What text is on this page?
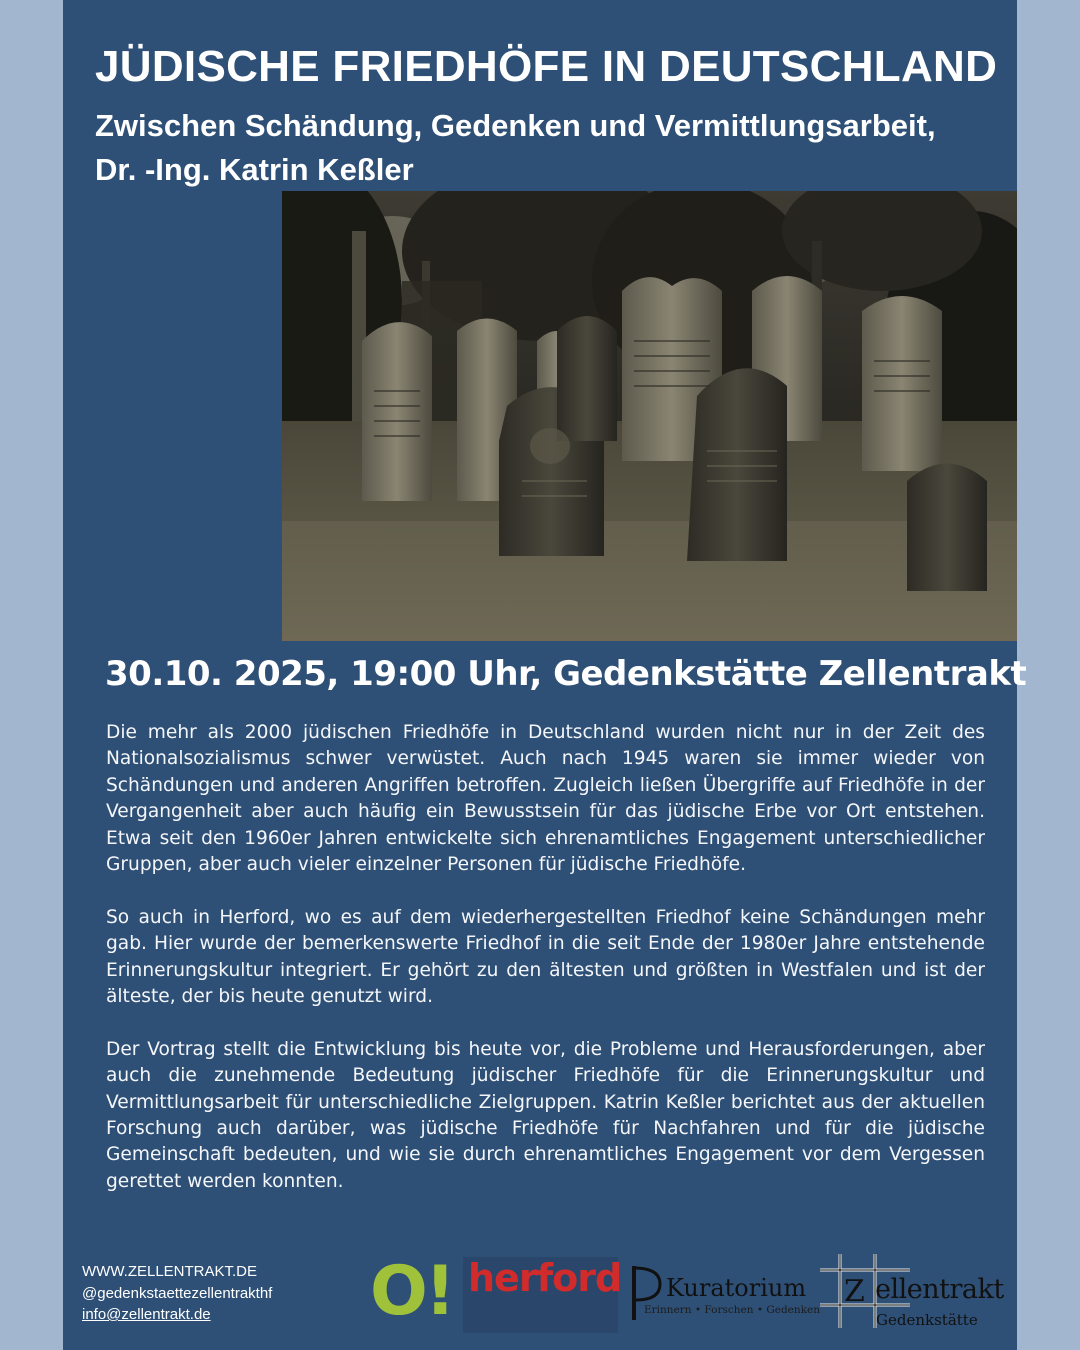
JÜDISCHE FRIEDHÖFE IN DEUTSCHLAND
Zwischen Schändung, Gedenken und Vermittlungsarbeit,
Dr. -Ing. Katrin Keßler
30.10. 2025, 19:00 Uhr, Gedenkstätte Zellentrakt

Die mehr als 2000 jüdischen Friedhöfe in Deutschland wurden nicht nur in der Zeit des Nationalsozialismus schwer verwüstet. Auch nach 1945 waren sie immer wieder von Schändungen und anderen Angriffen betroffen. Zugleich ließen Übergriffe auf Friedhöfe in der Vergangenheit aber auch häufig ein Bewusstsein für das jüdische Erbe vor Ort entstehen. Etwa seit den 1960er Jahren entwickelte sich ehrenamtliches Engagement unterschiedlicher Gruppen, aber auch vieler einzelner Personen für jüdische Friedhöfe.

So auch in Herford, wo es auf dem wiederhergestellten Friedhof keine Schändungen mehr gab. Hier wurde der bemerkenswerte Friedhof in die seit Ende der 1980er Jahre entstehende Erinnerungskultur integriert. Er gehört zu den ältesten und größten in Westfalen und ist der älteste, der bis heute genutzt wird.

Der Vortrag stellt die Entwicklung bis heute vor, die Probleme und Herausforderungen, aber auch die zunehmende Bedeutung jüdischer Friedhöfe für die Erinnerungskultur und Vermittlungsarbeit für unterschiedliche Zielgruppen. Katrin Keßler berichtet aus der aktuellen Forschung auch darüber, was jüdische Friedhöfe für Nachfahren und für die jüdische Gemeinschaft bedeuten, und wie sie durch ehrenamtliches Engagement vor dem Vergessen gerettet werden konnten.

WWW.ZELLENTRAKT.DE
@gedenkstaettezellentrakthf
info@zellentrakt.de	O! herford Kuratorium
Erinnern • Forschen • Gedenken
Z ellentrakt
Gedenkstätte
